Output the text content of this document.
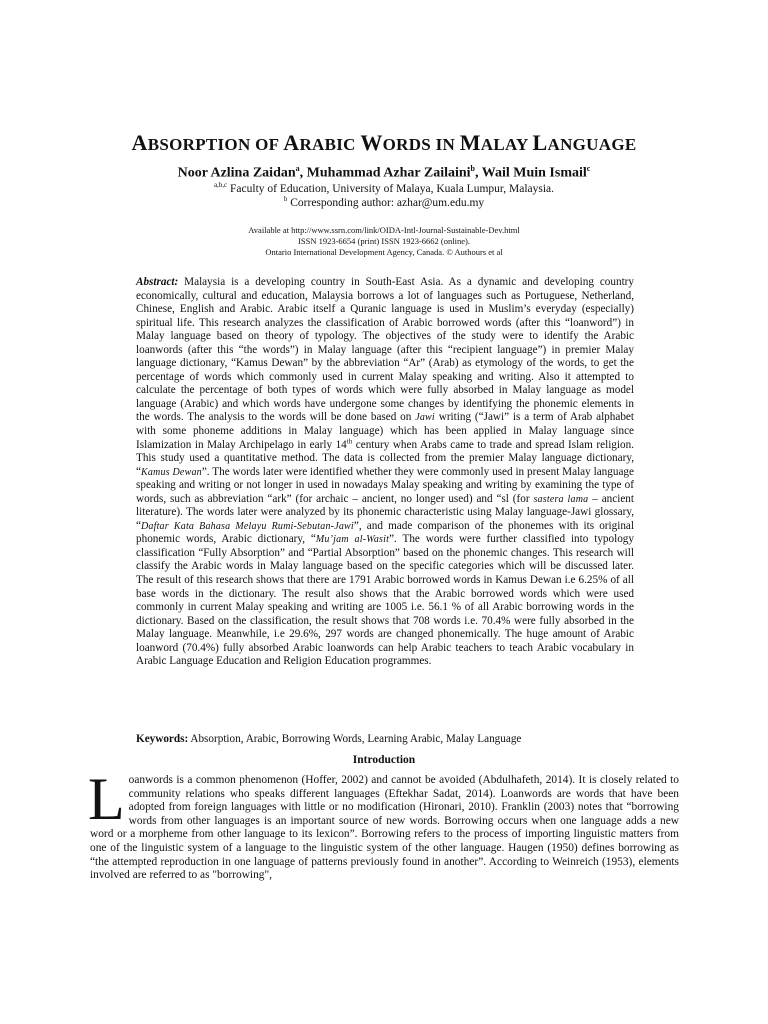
ABSORPTION OF ARABIC WORDS IN MALAY LANGUAGE
Noor Azlina Zaidan$^a$, Muhammad Azhar Zailaini$^b$, Wail Muin Ismail$^c$
$^{a,b,c}$ Faculty of Education, University of Malaya, Kuala Lumpur, Malaysia.
$^b$ Corresponding author: azhar@um.edu.my
Available at http://www.ssrn.com/link/OIDA-Intl-Journal-Sustainable-Dev.html
ISSN 1923-6654 (print) ISSN 1923-6662 (online).
Ontario International Development Agency, Canada. © Authours et al
Abstract: Malaysia is a developing country in South-East Asia. As a dynamic and developing country economically, cultural and education, Malaysia borrows a lot of languages such as Portuguese, Netherland, Chinese, English and Arabic. Arabic itself a Quranic language is used in Muslim’s everyday (especially) spiritual life. This research analyzes the classification of Arabic borrowed words (after this “loanword”) in Malay language based on theory of typology. The objectives of the study were to identify the Arabic loanwords (after this “the words”) in Malay language (after this “recipient language”) in premier Malay language dictionary, “Kamus Dewan” by the abbreviation “Ar” (Arab) as etymology of the words, to get the percentage of words which commonly used in current Malay speaking and writing. Also it attempted to calculate the percentage of both types of words which were fully absorbed in Malay language as model language (Arabic) and which words have undergone some changes by identifying the phonemic elements in the words. The analysis to the words will be done based on Jawi writing (“Jawi” is a term of Arab alphabet with some phoneme additions in Malay language) which has been applied in Malay language since Islamization in Malay Archipelago in early 14th century when Arabs came to trade and spread Islam religion. This study used a quantitative method. The data is collected from the premier Malay language dictionary, “Kamus Dewan”. The words later were identified whether they were commonly used in present Malay language speaking and writing or not longer in used in nowadays Malay speaking and writing by examining the type of words, such as abbreviation “ark” (for archaic – ancient, no longer used) and “sl (for sastera lama – ancient literature). The words later were analyzed by its phonemic characteristic using Malay language-Jawi glossary, “Daftar Kata Bahasa Melayu Rumi-Sebutan-Jawi”, and made comparison of the phonemes with its original phonemic words, Arabic dictionary, “Mu’jam al-Wasit”. The words were further classified into typology classification “Fully Absorption” and “Partial Absorption” based on the phonemic changes. This research will classify the Arabic words in Malay language based on the specific categories which will be discussed later. The result of this research shows that there are 1791 Arabic borrowed words in Kamus Dewan i.e 6.25% of all base words in the dictionary. The result also shows that the Arabic borrowed words which were used commonly in current Malay speaking and writing are 1005 i.e. 56.1 % of all Arabic borrowing words in the dictionary. Based on the classification, the result shows that 708 words i.e. 70.4% were fully absorbed in the Malay language. Meanwhile, i.e 29.6%, 297 words are changed phonemically. The huge amount of Arabic loanword (70.4%) fully absorbed Arabic loanwords can help Arabic teachers to teach Arabic vocabulary in Arabic Language Education and Religion Education programmes.
Keywords: Absorption, Arabic, Borrowing Words, Learning Arabic, Malay Language
Introduction
Loanwords is a common phenomenon (Hoffer, 2002) and cannot be avoided (Abdulhafeth, 2014). It is closely related to community relations who speaks different languages (Eftekhar Sadat, 2014). Loanwords are words that have been adopted from foreign languages with little or no modification (Hironari, 2010). Franklin (2003) notes that “borrowing words from other languages is an important source of new words. Borrowing occurs when one language adds a new word or a morpheme from other language to its lexicon”. Borrowing refers to the process of importing linguistic matters from one of the linguistic system of a language to the linguistic system of the other language. Haugen (1950) defines borrowing as “the attempted reproduction in one language of patterns previously found in another”. According to Weinreich (1953), elements involved are referred to as "borrowing",
